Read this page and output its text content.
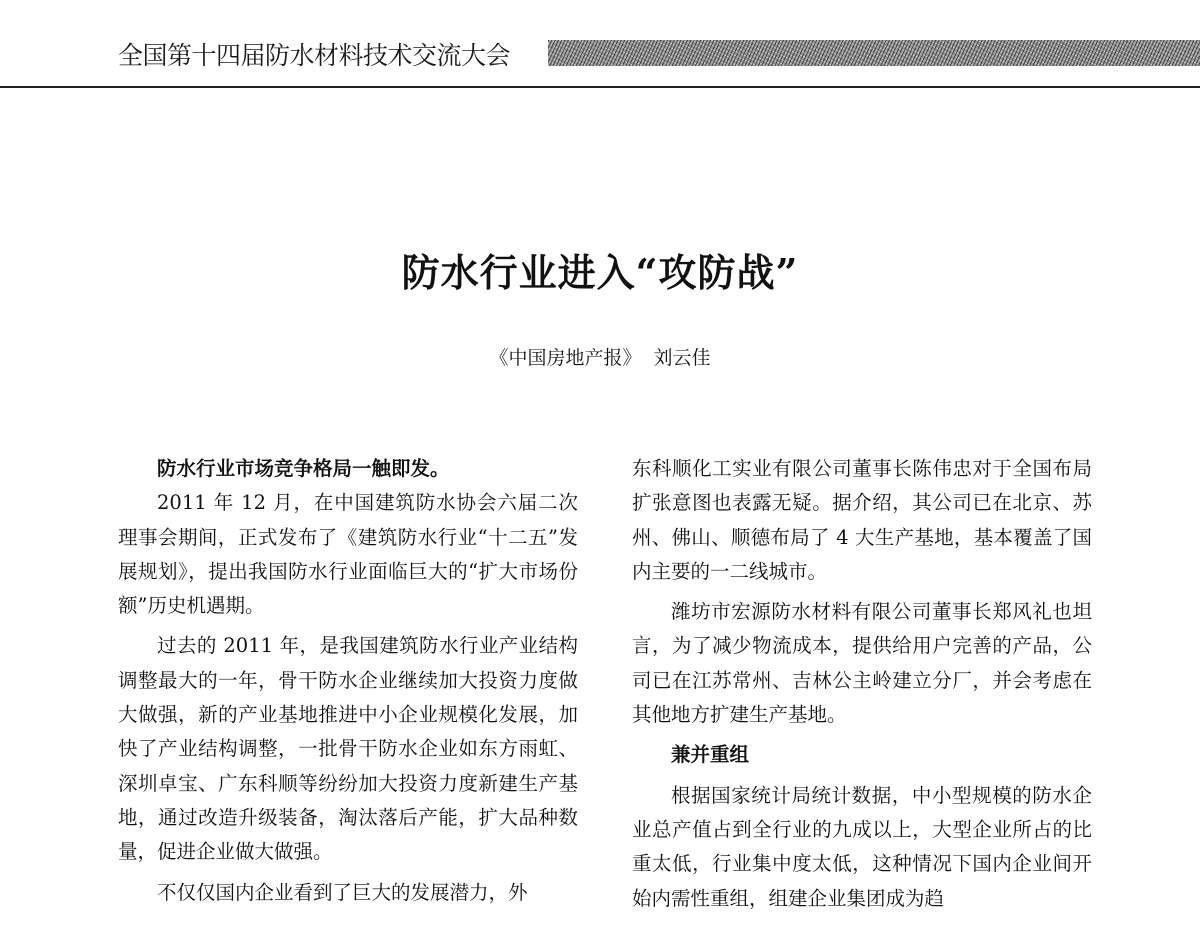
全国第十四届防水材料技术交流大会
防水行业进入“攻防战”
《中国房地产报》  刘云佳

防水行业市场竞争格局一触即发。

2011 年 12 月，在中国建筑防水协会六届二次理事会期间，正式发布了《建筑防水行业“十二五”发展规划》，提出我国防水行业面临巨大的“扩大市场份额”历史机遇期。

过去的 2011 年，是我国建筑防水行业产业结构调整最大的一年，骨干防水企业继续加大投资力度做大做强，新的产业基地推进中小企业规模化发展，加快了产业结构调整，一批骨干防水企业如东方雨虹、深圳卓宝、广东科顺等纷纷加大投资力度新建生产基地，通过改造升级装备，淘汰落后产能，扩大品种数量，促进企业做大做强。

不仅仅国内企业看到了巨大的发展潜力，外

东科顺化工实业有限公司董事长陈伟忠对于全国布局扩张意图也表露无疑。据介绍，其公司已在北京、苏州、佛山、顺德布局了 4 大生产基地，基本覆盖了国内主要的一二线城市。

潍坊市宏源防水材料有限公司董事长郑风礼也坦言，为了减少物流成本，提供给用户完善的产品，公司已在江苏常州、吉林公主岭建立分厂，并会考虑在其他地方扩建生产基地。

兼并重组

根据国家统计局统计数据，中小型规模的防水企业总产值占到全行业的九成以上，大型企业所占的比重太低，行业集中度太低，这种情况下国内企业间开始内需性重组，组建企业集团成为趋
